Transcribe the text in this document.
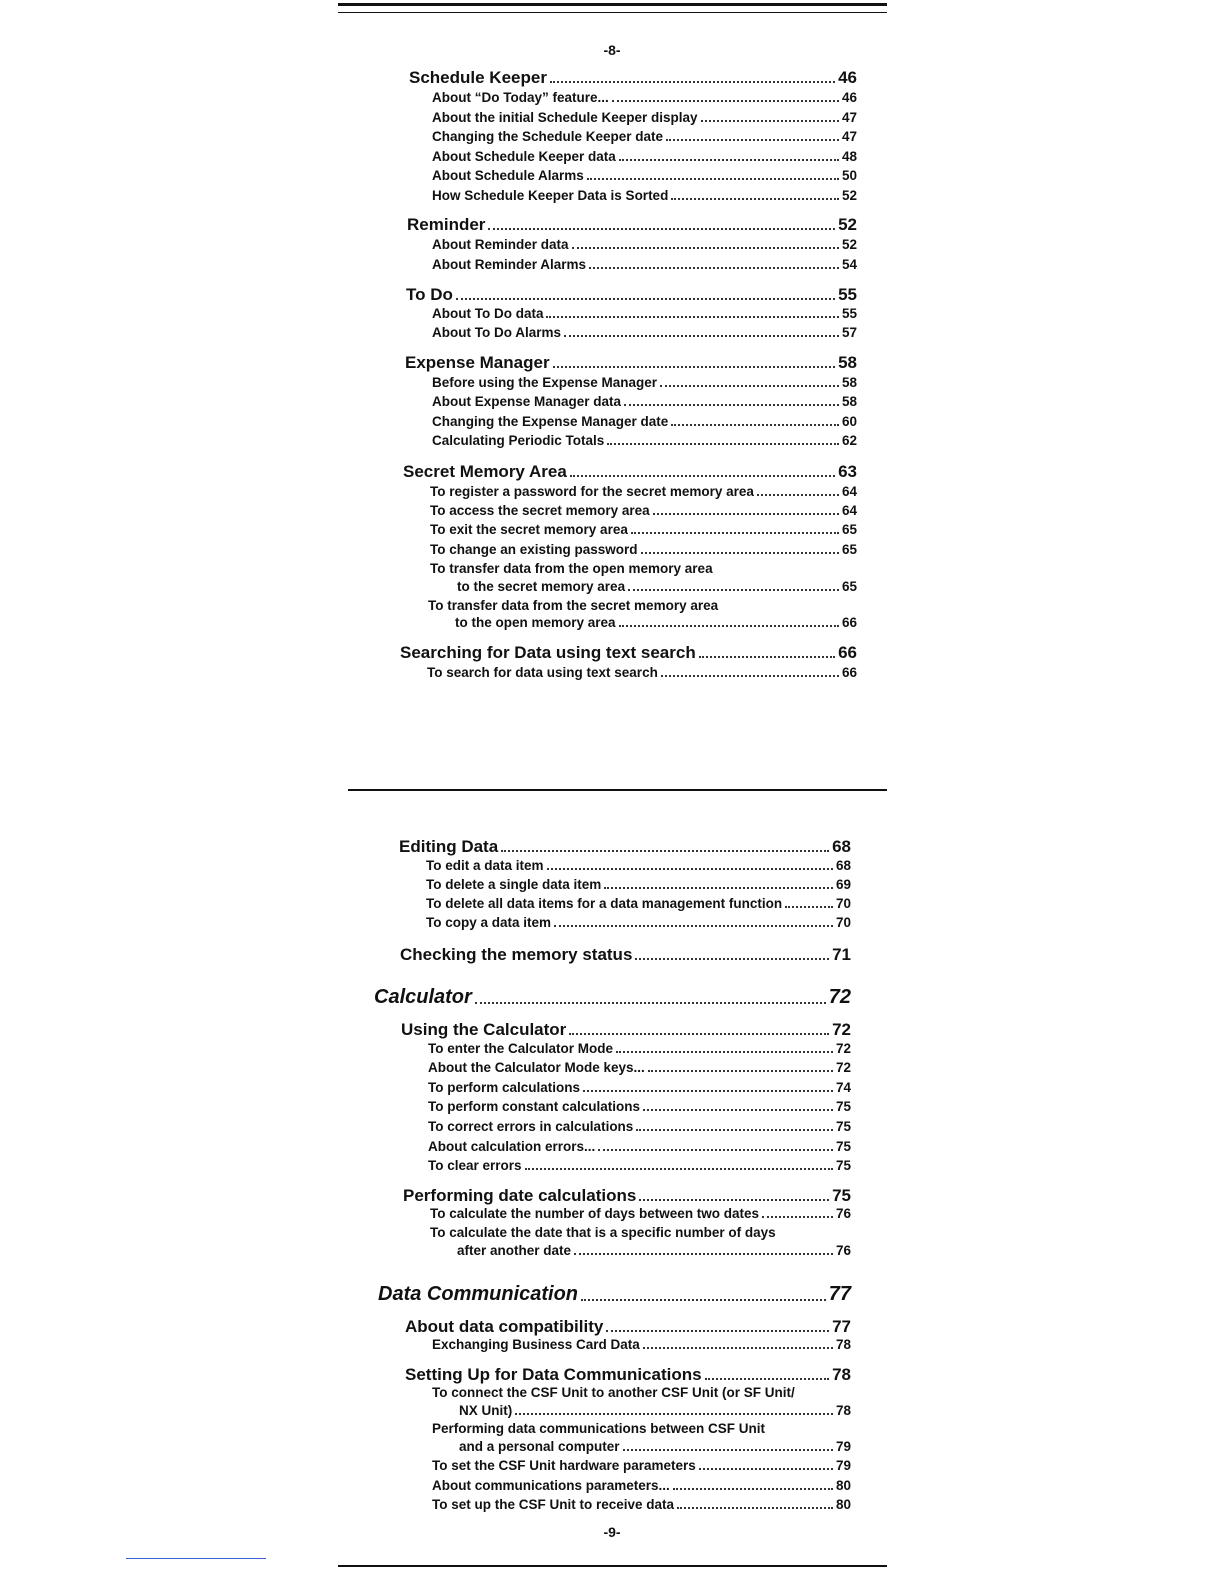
-8-
-9-
Schedule Keeper	46
About “Do Today” feature...	46
About the initial Schedule Keeper display	47
Changing the Schedule Keeper date	47
About Schedule Keeper data	48
About Schedule Alarms	50
How Schedule Keeper Data is Sorted	52
Reminder	52
About Reminder data	52
About Reminder Alarms	54
To Do	55
About To Do data	55
About To Do Alarms	57
Expense Manager	58
Before using the Expense Manager	58
About Expense Manager data	58
Changing the Expense Manager date	60
Calculating Periodic Totals	62
Secret Memory Area	63
To register a password for the secret memory area	64
To access the secret memory area	64
To exit the secret memory area	65
To change an existing password	65
To transfer data from the open memory area
to the secret memory area	65
To transfer data from the secret memory area
to the open memory area	66
Searching for Data using text search	66
To search for data using text search	66
Editing Data	68
To edit a data item	68
To delete a single data item	69
To delete all data items for a data management function	70
To copy a data item	70
Checking the memory status	71
Calculator	72
Using the Calculator	72
To enter the Calculator Mode	72
About the Calculator Mode keys...	72
To perform calculations	74
To perform constant calculations	75
To correct errors in calculations	75
About calculation errors...	75
To clear errors	75
Performing date calculations	75
To calculate the number of days between two dates	76
To calculate the date that is a specific number of days
after another date	76
Data Communication	77
About data compatibility	77
Exchanging Business Card Data	78
Setting Up for Data Communications	78
To connect the CSF Unit to another CSF Unit (or SF Unit/
NX Unit)	78
Performing data communications between CSF Unit
and a personal computer	79
To set the CSF Unit hardware parameters	79
About communications parameters...	80
To set up the CSF Unit to receive data	80
